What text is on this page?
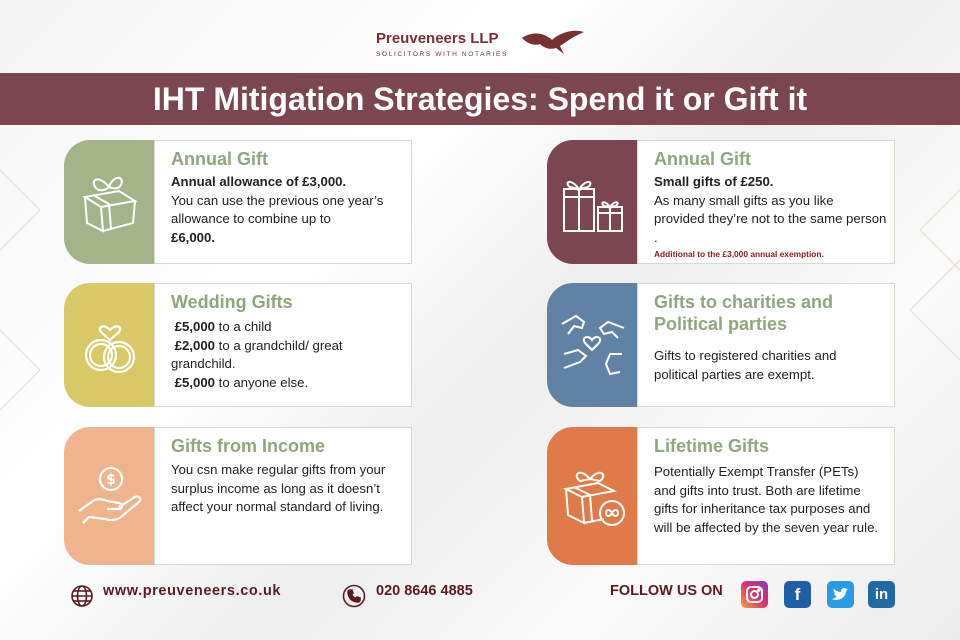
Preuveneers LLP
SOLICITORS WITH NOTARIES
IHT Mitigation Strategies: Spend it or Gift it
Annual Gift
Annual allowance of £3,000.
You can use the previous one year’s allowance to combine up to
£6,000.
Wedding Gifts
£5,000 to a child
£2,000 to a grandchild/ great grandchild.
£5,000 to anyone else.
$
Gifts from Income
You csn make regular gifts from your surplus income as long as it doesn’t affect your normal standard of living.
Annual Gift
Small gifts of £250.
As many small gifts as you like provided they’re not to the same person .
Additional to the £3,000 annual exemption.
Gifts to charities and Political parties
Gifts to registered charities and political parties are exempt.
Lifetime Gifts
Potentially Exempt Transfer (PETs) and gifts into trust. Both are lifetime gifts for inheritance tax purposes and will be affected by the seven year rule.
www.preuveneers.co.uk	020 8646 4885	FOLLOW US ON	f	in
